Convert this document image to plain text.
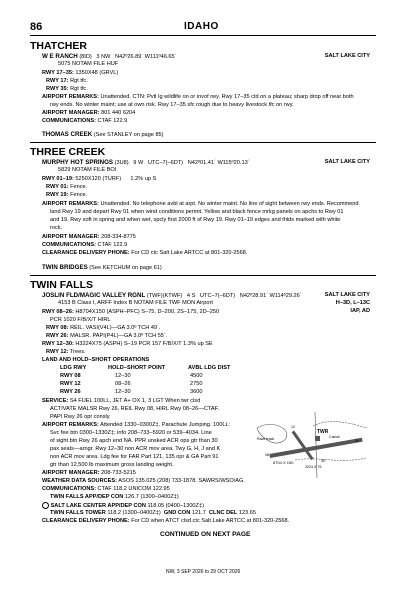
86	IDAHO
THATCHER
W E RANCH (8ID) 3 NW N42º26.89´ W111º46.65´	SALT LAKE CITY
5075 NOTAM FILE HUF
RWY 17–35: 1350X48 (GRVL)
RWY 17: Rgt tfc.
RWY 35: Rgt tfc.
AIRPORT REMARKS: Unattended. CTN: Pvtl Ig wildlife on or invof rwy. Rwy 17–35 ctd on a plateau; sharp drop off near both
rwy ends. No winter maint; use at own risk. Rwy 17–35 sfc rough due to heavy livestock tfc on rwy.
AIRPORT MANAGER: 801 440 6204
COMMUNICATIONS: CTAF 122.9
THOMAS CREEK (See STANLEY on page 85)
THREE CREEK
MURPHY HOT SPRINGS (3U8) 9 W UTC–7(–6DT) N42º01.41´ W115º20.13´	SALT LAKE CITY
5829 NOTAM FILE BOI
RWY 01–19: 5250X120 (TURF) 1.2% up S
RWY 01: Fence.
RWY 19: Fence.
AIRPORT REMARKS: Unattended. No telephone avbl at arpt. No winter maint. No line of sight between rwy ends. Recommend
land Rwy 19 and depart Rwy 01 when wind conditions permit. Yellow and black fence mrkg panels on apchs to Rwy 01
and 19. Rwy soft in spring and when wet, spcly first 2000 ft of Rwy 19. Rwy 01–19 edges and thlds marked with white
rock.
AIRPORT MANAGER: 208-334-8775
COMMUNICATIONS: CTAF 122.9
CLEARANCE DELIVERY PHONE: For CD ctc Salt Lake ARTCC at 801-320-2568.
TWIN BRIDGES (See KETCHUM on page 61)
TWIN FALLS
JOSLIN FLD/MAGIC VALLEY RGNL (TWF)(KTWF) 4 S UTC–7(–6DT) N42º28.91´ W114º29.26´	SALT LAKE CITY
H–3D, L–13C
IAP, AD
4153 B Class I, ARFF Index B NOTAM FILE TWF MON Airport
RWY 08–26: H8704X150 (ASPH–PFC) S–75, D–200, 2S–175, 2D–250
PCR 1020 F/B/X/T HIRL
RWY 08: REIL. VASI(V4L)—GA 3.0º TCH 49´.
RWY 26: MALSR. PAPI(P4L)—GA 3.0º TCH 55´.
RWY 12–30: H3224X75 (ASPH) S–19 PCR 157 F/B/X/T 1.3% up SE
RWY 12: Trees.
LAND AND HOLD–SHORT OPERATIONS
LDG RWY	HOLD–SHORT POINT	AVBL LDG DIST
RWY 08	12–30	4500
RWY 12	08–26	2750
RWY 26	12–30	3600
SERVICE: S4 FUEL 100LL, JET A+ OX 1, 3 LGT When twr clsd
ACTIVATE MALSR Rwy 26, REIL Rwy 08, HIRL Rwy 08–26—CTAF.
PAPI Rwy 26 opr consly.
AIRPORT REMARKS: Attended 1330–0300Z‡. Parachute Jumping. 100LL:
Svc fee btn 0300–1330Z‡; info 208–733–5920 or 539–4034. Line
of sight btn Rwy 26 apch end NA. PPR unsked ACR ops gtr than 30
pax seats—arngr. Rwy 12–30 non ACR mov area. Twy G, H, J and K
non ACR mov area. Ldg fee for FAR Part 121, 135 opr & GA Part 91
gtr than 12,500 lb maximum gross landing weight.
AIRPORT MANAGER: 208-733-5215
WEATHER DATA SOURCES: ASOS 135.025 (208) 733-1878. SAWRS/WSO/AG.
COMMUNICATIONS: CTAF 118.2 UNICOM 122.95
TWIN FALLS APP/DEP CON 126.7 (1300–0400Z‡)
SALT LAKE CENTER APP/DEP CON 118.05 (0400–1300Z‡)
TWIN FALLS TOWER 118.2 (1300–0400Z‡) GND CON 121.7 CLNC DEL 123.65
CLEARANCE DELIVERY PHONE: For CD when ATCT clsd ctc Salt Lake ARTCC at 801-320-2568.
TWR
Canal
Race track
8704 X 150
3224 X 75
12
26
08
30
CONTINUED ON NEXT PAGE
NW, 3 SEP 2026 to 29 OCT 2026
